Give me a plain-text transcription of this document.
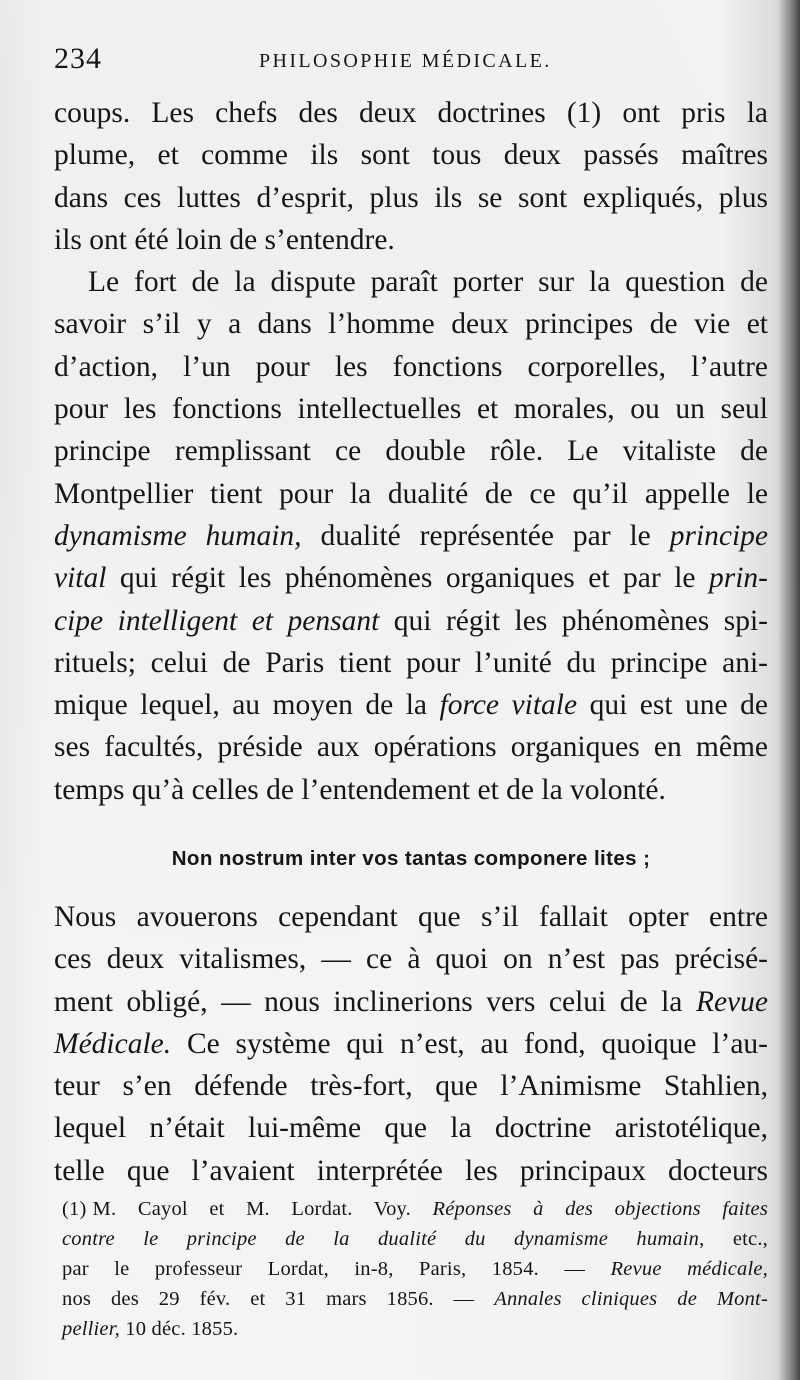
234	PHILOSOPHIE MÉDICALE.

coups. Les chefs des deux doctrines (1) ont pris la
plume, et comme ils sont tous deux passés maîtres
dans ces luttes d’esprit, plus ils se sont expliqués, plus
ils ont été loin de s’entendre.

Le fort de la dispute paraît porter sur la question de
savoir s’il y a dans l’homme deux principes de vie et
d’action, l’un pour les fonctions corporelles, l’autre
pour les fonctions intellectuelles et morales, ou un seul
principe remplissant ce double rôle. Le vitaliste de
Montpellier tient pour la dualité de ce qu’il appelle le
dynamisme humain, dualité représentée par le principe
vital qui régit les phénomènes organiques et par le prin-
cipe intelligent et pensant qui régit les phénomènes spi-
rituels; celui de Paris tient pour l’unité du principe ani-
mique lequel, au moyen de la force vitale qui est une de
ses facultés, préside aux opérations organiques en même
temps qu’à celles de l’entendement et de la volonté.

Non nostrum inter vos tantas componere lites ;

Nous avouerons cependant que s’il fallait opter entre
ces deux vitalismes, — ce à quoi on n’est pas précisé-
ment obligé, — nous inclinerions vers celui de la Revue
Médicale. Ce système qui n’est, au fond, quoique l’au-
teur s’en défende très-fort, que l’Animisme Stahlien,
lequel n’était lui-même que la doctrine aristotélique,
telle que l’avaient interprétée les principaux docteurs

(1) M. Cayol et M. Lordat. Voy. Réponses à des objections faites
contre le principe de la dualité du dynamisme humain, etc.,
par le professeur Lordat, in-8, Paris, 1854. — Revue médicale,
nos des 29 fév. et 31 mars 1856. — Annales cliniques de Mont-
pellier, 10 déc. 1855.
